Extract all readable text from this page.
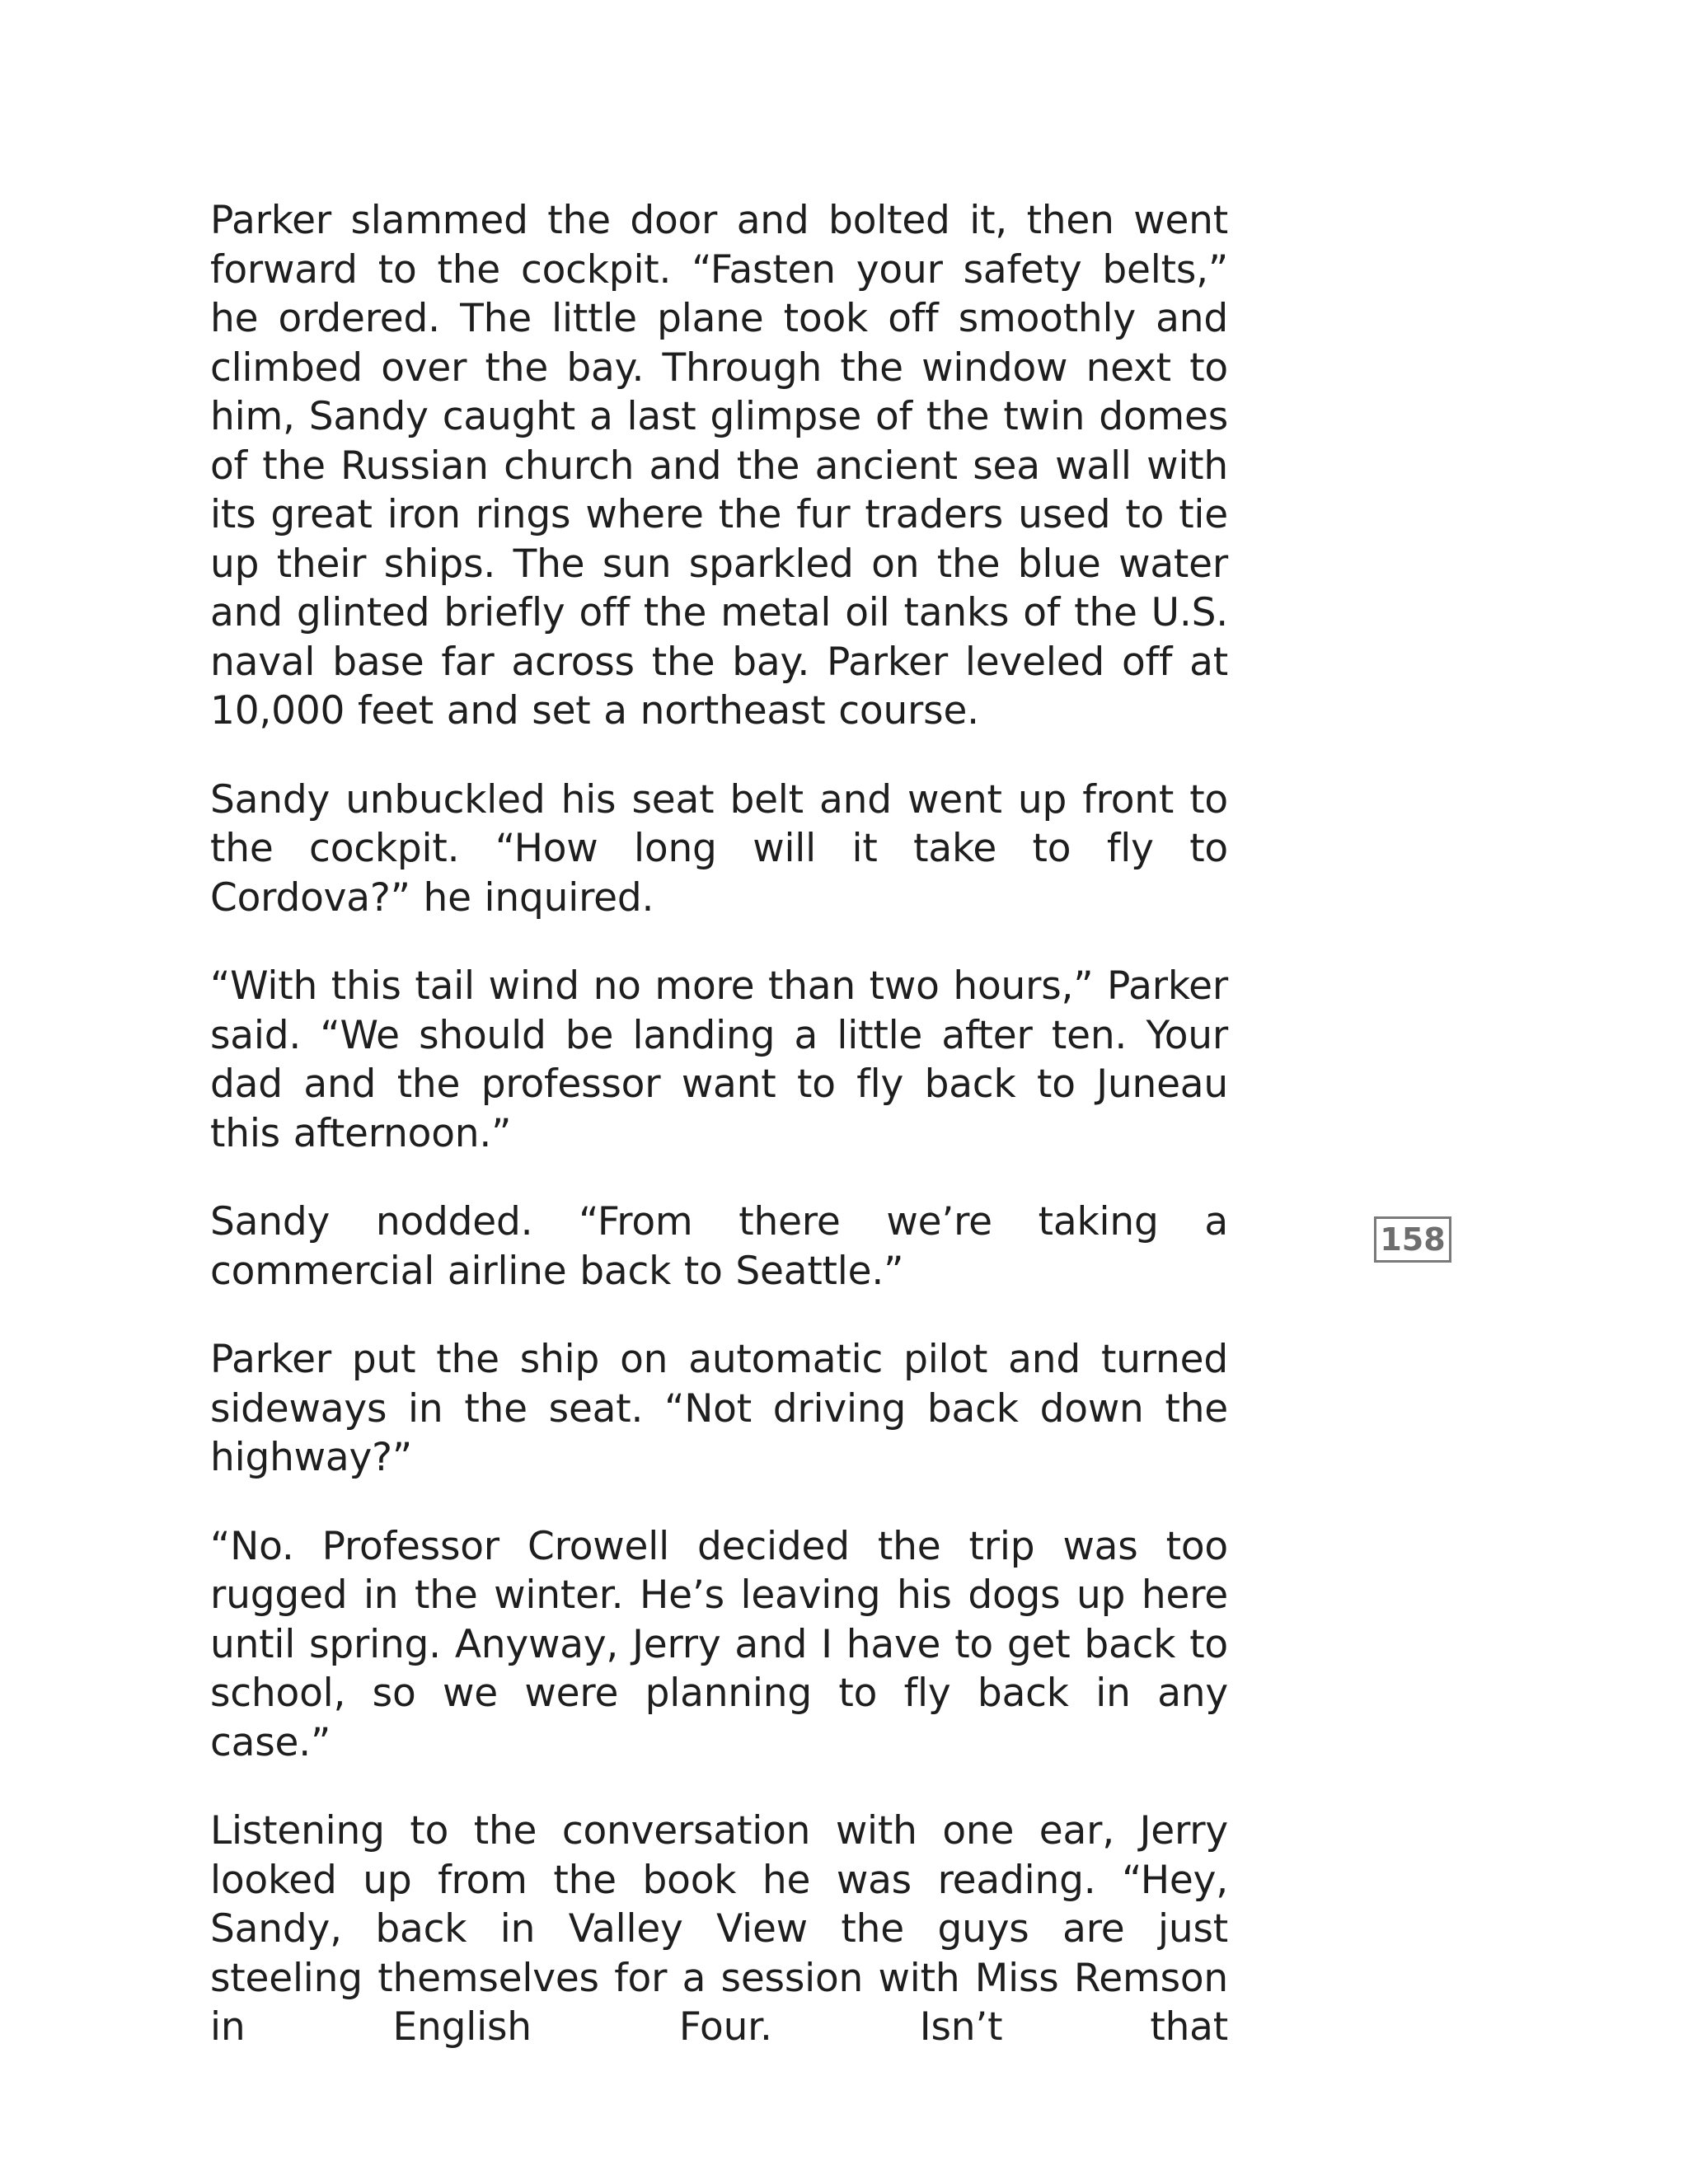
Parker slammed the door and bolted it, then went forward to the cockpit. “Fasten your safety belts,” he ordered. The little plane took off smoothly and climbed over the bay. Through the window next to him, Sandy caught a last glimpse of the twin domes of the Russian church and the ancient sea wall with its great iron rings where the fur traders used to tie up their ships. The sun sparkled on the blue water and glinted briefly off the metal oil tanks of the U.S. naval base far across the bay. Parker leveled off at 10,000 feet and set a northeast course.

Sandy unbuckled his seat belt and went up front to the cockpit. “How long will it take to fly to Cordova?” he inquired.

“With this tail wind no more than two hours,” Parker said. “We should be landing a little after ten. Your dad and the professor want to fly back to Juneau this afternoon.”

Sandy nodded. “From there we’re taking a commercial airline back to Seattle.”

Parker put the ship on automatic pilot and turned sideways in the seat. “Not driving back down the highway?”

“No. Professor Crowell decided the trip was too rugged in the winter. He’s leaving his dogs up here until spring. Anyway, Jerry and I have to get back to school, so we were planning to fly back in any case.”

Listening to the conversation with one ear, Jerry looked up from the book he was reading. “Hey, Sandy, back in Valley View the guys are just steeling themselves for a session with Miss Remson in English Four. Isn’t that

158
